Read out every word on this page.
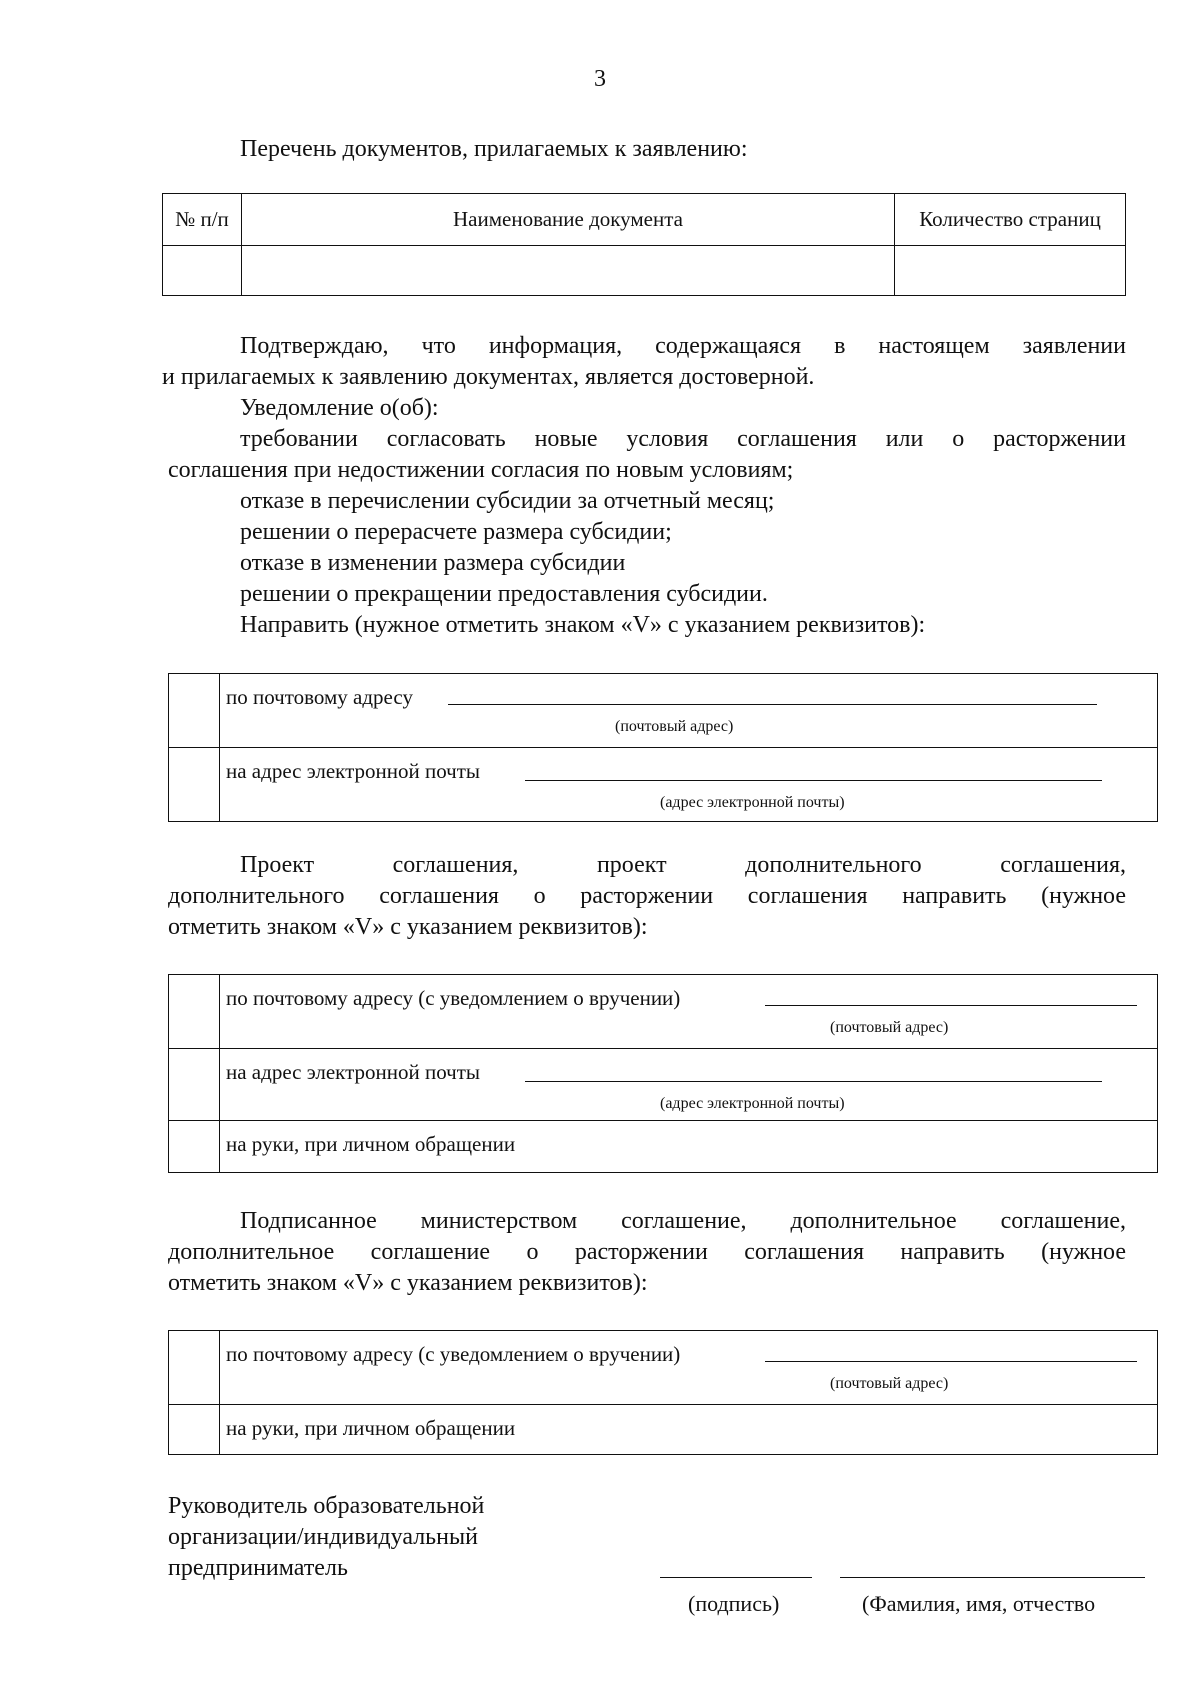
3
Перечень документов, прилагаемых к заявлению:
№ п/п	Наименование документа	Количество страниц

Подтверждаю, что информация, содержащаяся в настоящем заявлении
и прилагаемых к заявлению документах, является достоверной.
Уведомление о(об):
требовании согласовать новые условия соглашения или о расторжении
соглашения при недостижении согласия по новым условиям;
отказе в перечислении субсидии за отчетный месяц;
решении о перерасчете размера субсидии;
отказе в изменении размера субсидии
решении о прекращении предоставления субсидии.
Направить (нужное отметить знаком «V» с указанием реквизитов):
	по почтовому адресу
(почтовый адрес)

	на адрес электронной почты
(адрес электронной почты)
Проект соглашения, проект дополнительного соглашения,
дополнительного соглашения о расторжении соглашения направить (нужное
отметить знаком «V» с указанием реквизитов):
	по почтовому адресу (с уведомлением о вручении)
(почтовый адрес)

	на адрес электронной почты
(адрес электронной почты)

	на руки, при личном обращении
Подписанное министерством соглашение, дополнительное соглашение,
дополнительное соглашение о расторжении соглашения направить (нужное
отметить знаком «V» с указанием реквизитов):
	по почтовому адресу (с уведомлением о вручении)
(почтовый адрес)

	на руки, при личном обращении
Руководитель образовательной
организации/индивидуальный
предприниматель
(подпись)	(Фамилия, имя, отчество
